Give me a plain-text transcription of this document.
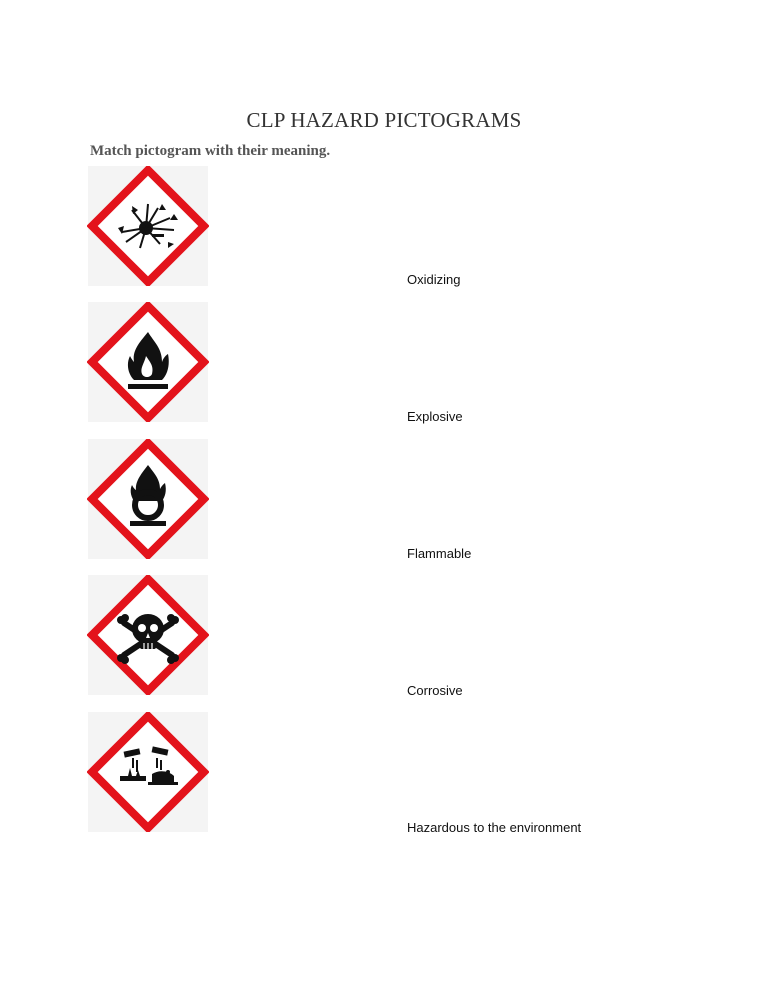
CLP HAZARD PICTOGRAMS
Match pictogram with their meaning.
Oxidizing
Explosive
Flammable
Corrosive
Hazardous to the environment
